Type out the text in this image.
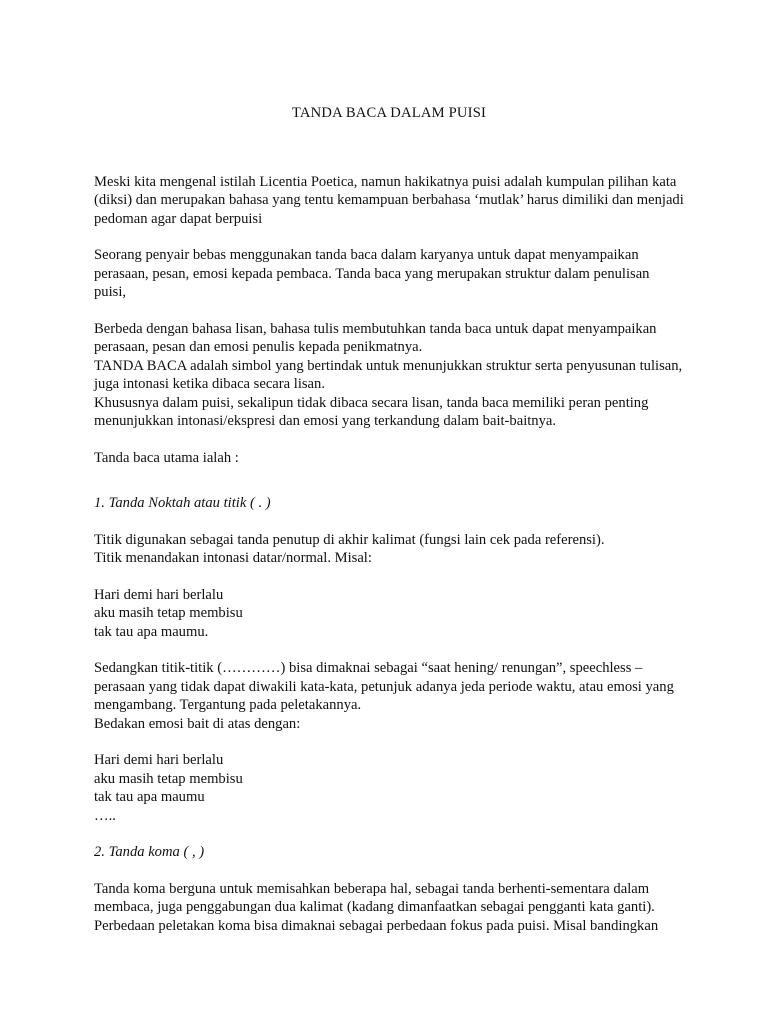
TANDA BACA DALAM PUISI

Meski kita mengenal istilah Licentia Poetica, namun hakikatnya puisi adalah kumpulan pilihan kata (diksi) dan merupakan bahasa yang tentu kemampuan berbahasa ‘mutlak’ harus dimiliki dan menjadi pedoman agar dapat berpuisi

Seorang penyair bebas menggunakan tanda baca dalam karyanya untuk dapat menyampaikan perasaan, pesan, emosi kepada pembaca. Tanda baca yang merupakan struktur dalam penulisan puisi,

Berbeda dengan bahasa lisan, bahasa tulis membutuhkan tanda baca untuk dapat menyampaikan perasaan, pesan dan emosi penulis kepada penikmatnya.

TANDA BACA adalah simbol yang bertindak untuk menunjukkan struktur serta penyusunan tulisan, juga intonasi ketika dibaca secara lisan.

Khususnya dalam puisi, sekalipun tidak dibaca secara lisan, tanda baca memiliki peran penting menunjukkan intonasi/ekspresi dan emosi yang terkandung dalam bait-baitnya.

Tanda baca utama ialah :

1. Tanda Noktah atau titik ( . )

Titik digunakan sebagai tanda penutup di akhir kalimat (fungsi lain cek pada referensi).

Titik menandakan intonasi datar/normal. Misal:

Hari demi hari berlalu
aku masih tetap membisu
tak tau apa maumu.

Sedangkan titik-titik (…………) bisa dimaknai sebagai “saat hening/ renungan”, speechless – perasaan yang tidak dapat diwakili kata-kata, petunjuk adanya jeda periode waktu, atau emosi yang mengambang. Tergantung pada peletakannya.

Bedakan emosi bait di atas dengan:

Hari demi hari berlalu
aku masih tetap membisu
tak tau apa maumu
…..

2. Tanda koma ( , )

Tanda koma berguna untuk memisahkan beberapa hal, sebagai tanda berhenti-sementara dalam membaca, juga penggabungan dua kalimat (kadang dimanfaatkan sebagai pengganti kata ganti). Perbedaan peletakan koma bisa dimaknai sebagai perbedaan fokus pada puisi. Misal bandingkan
